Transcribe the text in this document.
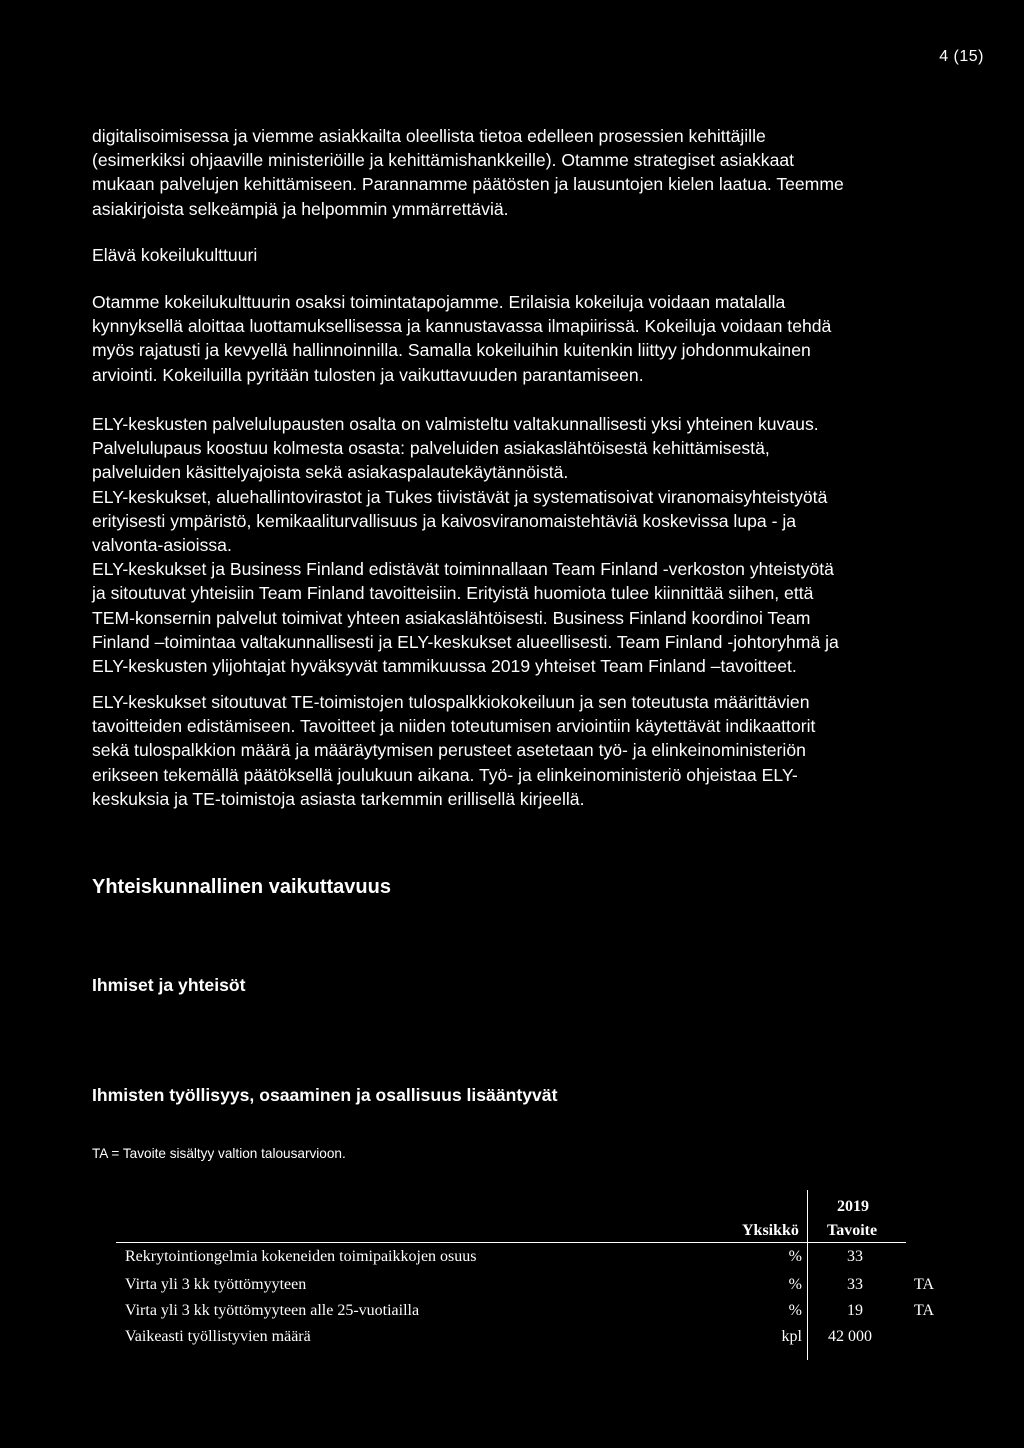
4 (15)
digitalisoimisessa ja viemme asiakkailta oleellista tietoa edelleen prosessien kehittäjille
(esimerkiksi ohjaaville ministeriöille ja kehittämishankkeille). Otamme strategiset asiakkaat
mukaan palvelujen kehittämiseen. Parannamme päätösten ja lausuntojen kielen laatua. Teemme
asiakirjoista selkeämpiä ja helpommin ymmärrettäviä.
Elävä kokeilukulttuuri
Otamme kokeilukulttuurin osaksi toimintatapojamme. Erilaisia kokeiluja voidaan matalalla
kynnyksellä aloittaa luottamuksellisessa ja kannustavassa ilmapiirissä. Kokeiluja voidaan tehdä
myös rajatusti ja kevyellä hallinnoinnilla. Samalla kokeiluihin kuitenkin liittyy johdonmukainen
arviointi. Kokeiluilla pyritään tulosten ja vaikuttavuuden parantamiseen.
ELY-keskusten palvelulupausten osalta on valmisteltu valtakunnallisesti yksi yhteinen kuvaus.
Palvelulupaus koostuu kolmesta osasta: palveluiden asiakaslähtöisestä kehittämisestä,
palveluiden käsittelyajoista sekä asiakaspalautekäytännöistä.
ELY-keskukset, aluehallintovirastot ja Tukes tiivistävät ja systematisoivat viranomaisyhteistyötä
erityisesti ympäristö, kemikaaliturvallisuus ja kaivosviranomaistehtäviä koskevissa lupa - ja
valvonta-asioissa.
ELY-keskukset ja Business Finland edistävät toiminnallaan Team Finland -verkoston yhteistyötä
ja sitoutuvat yhteisiin Team Finland tavoitteisiin. Erityistä huomiota tulee kiinnittää siihen, että
TEM-konsernin palvelut toimivat yhteen asiakaslähtöisesti. Business Finland koordinoi Team
Finland –toimintaa valtakunnallisesti ja ELY-keskukset alueellisesti. Team Finland -johtoryhmä ja
ELY-keskusten ylijohtajat hyväksyvät tammikuussa 2019 yhteiset Team Finland –tavoitteet.
ELY-keskukset sitoutuvat TE-toimistojen tulospalkkiokokeiluun ja sen toteutusta määrittävien
tavoitteiden edistämiseen. Tavoitteet ja niiden toteutumisen arviointiin käytettävät indikaattorit
sekä tulospalkkion määrä ja määräytymisen perusteet asetetaan työ- ja elinkeinoministeriön
erikseen tekemällä päätöksellä joulukuun aikana. Työ- ja elinkeinoministeriö ohjeistaa ELY-
keskuksia ja TE-toimistoja asiasta tarkemmin erillisellä kirjeellä.
Yhteiskunnallinen vaikuttavuus
Ihmiset ja yhteisöt
Ihmisten työllisyys, osaaminen ja osallisuus lisääntyvät
TA = Tavoite sisältyy valtion talousarvioon.
2019
Yksikkö Tavoite
Rekrytointiongelmia kokeneiden toimipaikkojen osuus	%	33
Virta yli 3 kk työttömyyteen	%	33	TA
Virta yli 3 kk työttömyyteen alle 25-vuotiailla	%	19	TA
Vaikeasti työllistyvien määrä	kpl 42 000
